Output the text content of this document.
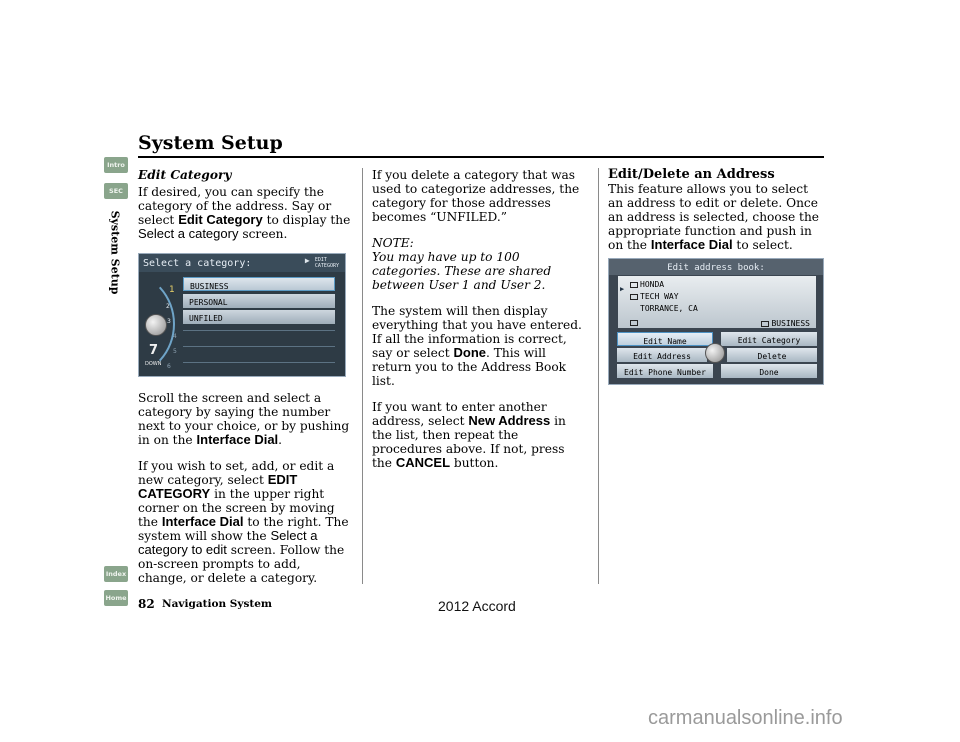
System Setup
Intro
SEC
System Setup
Index
Home

Edit Category

If desired, you can specify the category of the address. Say or select Edit Category to display the Select a category screen.

Select a category:	▶ EDIT
CATEGORY
1
2
3
4
5
6
7
DOWN
BUSINESS
PERSONAL
UNFILED

Scroll the screen and select a category by saying the number next to your choice, or by pushing in on the Interface Dial.

If you wish to set, add, or edit a new category, select EDIT CATEGORY in the upper right corner on the screen by moving the Interface Dial to the right. The system will show the Select a category to edit screen. Follow the on-screen prompts to add, change, or delete a category.

If you delete a category that was used to categorize addresses, the category for those addresses becomes “UNFILED.”

NOTE:
You may have up to 100 categories. These are shared between User 1 and User 2.

The system will then display everything that you have entered. If all the information is correct, say or select Done. This will return you to the Address Book list.

If you want to enter another address, select New Address in the list, then repeat the procedures above. If not, press the CANCEL button.

Edit/Delete an Address

This feature allows you to select an address to edit or delete. Once an address is selected, choose the appropriate function and push in on the Interface Dial to select.

Edit address book:
▶	HONDA
TECH WAY
TORRANCE, CA
BUSINESS
Edit Name
Edit Address
Edit Phone Number
Edit Category
Delete
Done
82 Navigation System	2012 Accord
carmanualsonline.info
